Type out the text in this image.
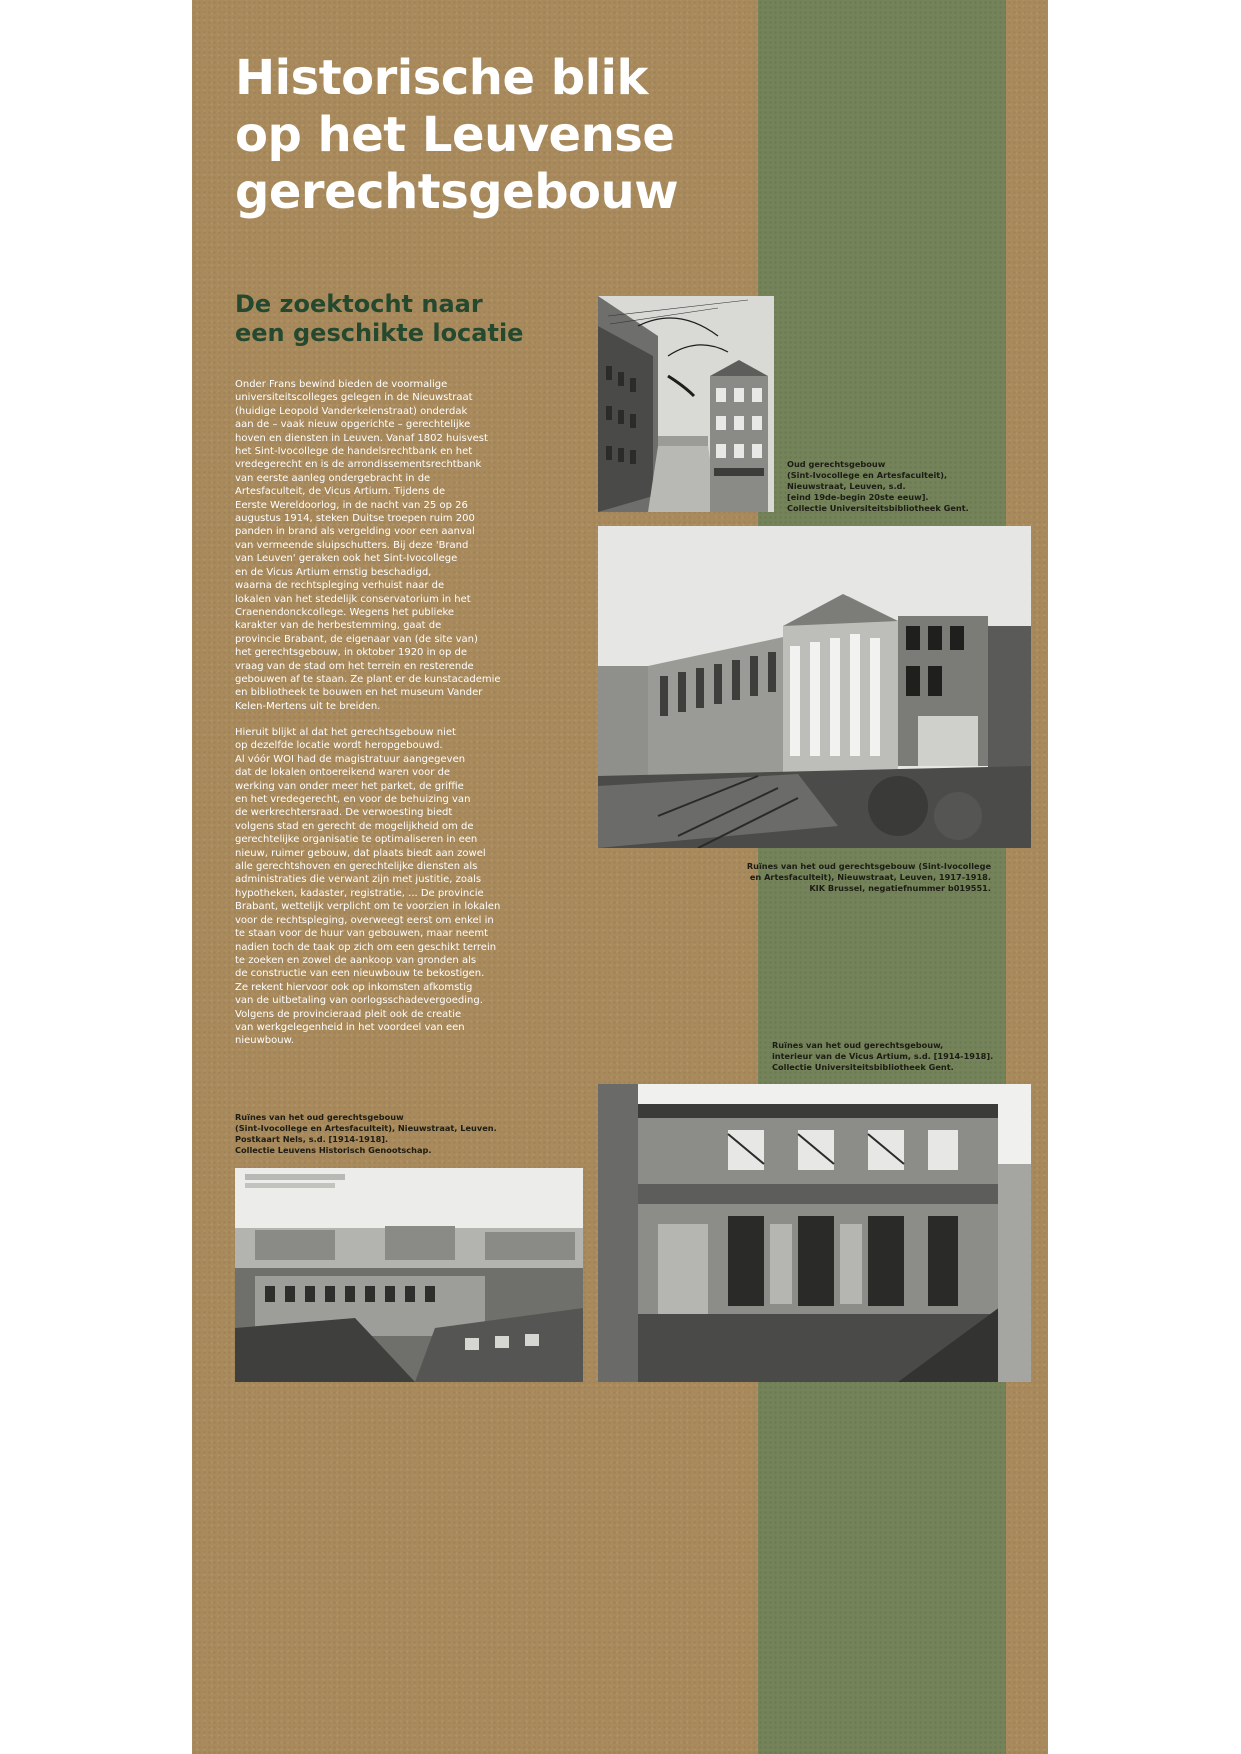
Historische blik
op het Leuvense
gerechtsgebouw
De zoektocht naar
een geschikte locatie
Onder Frans bewind bieden de voormalige
universiteitscolleges gelegen in de Nieuwstraat
(huidige Leopold Vanderkelenstraat) onderdak
aan de – vaak nieuw opgerichte – gerechtelijke
hoven en diensten in Leuven. Vanaf 1802 huisvest
het Sint-Ivocollege de handelsrechtbank en het
vredegerecht en is de arrondissementsrechtbank
van eerste aanleg ondergebracht in de
Artesfaculteit, de Vicus Artium. Tijdens de
Eerste Wereldoorlog, in de nacht van 25 op 26
augustus 1914, steken Duitse troepen ruim 200
panden in brand als vergelding voor een aanval
van vermeende sluipschutters. Bij deze 'Brand
van Leuven' geraken ook het Sint-Ivocollege
en de Vicus Artium ernstig beschadigd,
waarna de rechtspleging verhuist naar de
lokalen van het stedelijk conservatorium in het
Craenendonckcollege. Wegens het publieke
karakter van de herbestemming, gaat de
provincie Brabant, de eigenaar van (de site van)
het gerechtsgebouw, in oktober 1920 in op de
vraag van de stad om het terrein en resterende
gebouwen af te staan. Ze plant er de kunstacademie
en bibliotheek te bouwen en het museum Vander
Kelen-Mertens uit te breiden.
Hieruit blijkt al dat het gerechtsgebouw niet
op dezelfde locatie wordt heropgebouwd.
Al vóór WOI had de magistratuur aangegeven
dat de lokalen ontoereikend waren voor de
werking van onder meer het parket, de griffie
en het vredegerecht, en voor de behuizing van
de werkrechtersraad. De verwoesting biedt
volgens stad en gerecht de mogelijkheid om de
gerechtelijke organisatie te optimaliseren in een
nieuw, ruimer gebouw, dat plaats biedt aan zowel
alle gerechtshoven en gerechtelijke diensten als
administraties die verwant zijn met justitie, zoals
hypotheken, kadaster, registratie, ... De provincie
Brabant, wettelijk verplicht om te voorzien in lokalen
voor de rechtspleging, overweegt eerst om enkel in
te staan voor de huur van gebouwen, maar neemt
nadien toch de taak op zich om een geschikt terrein
te zoeken en zowel de aankoop van gronden als
de constructie van een nieuwbouw te bekostigen.
Ze rekent hiervoor ook op inkomsten afkomstig
van de uitbetaling van oorlogsschadevergoeding.
Volgens de provincieraad pleit ook de creatie
van werkgelegenheid in het voordeel van een
nieuwbouw.
Oud gerechtsgebouw
(Sint-Ivocollege en Artesfaculteit),
Nieuwstraat, Leuven, s.d.
[eind 19de-begin 20ste eeuw].
Collectie Universiteitsbibliotheek Gent.
Ruïnes van het oud gerechtsgebouw (Sint-Ivocollege
en Artesfaculteit), Nieuwstraat, Leuven, 1917-1918.
KIK Brussel, negatiefnummer b019551.
Ruïnes van het oud gerechtsgebouw,
interieur van de Vicus Artium, s.d. [1914-1918].
Collectie Universiteitsbibliotheek Gent.
Ruïnes van het oud gerechtsgebouw
(Sint-Ivocollege en Artesfaculteit), Nieuwstraat, Leuven.
Postkaart Nels, s.d. [1914-1918].
Collectie Leuvens Historisch Genootschap.
